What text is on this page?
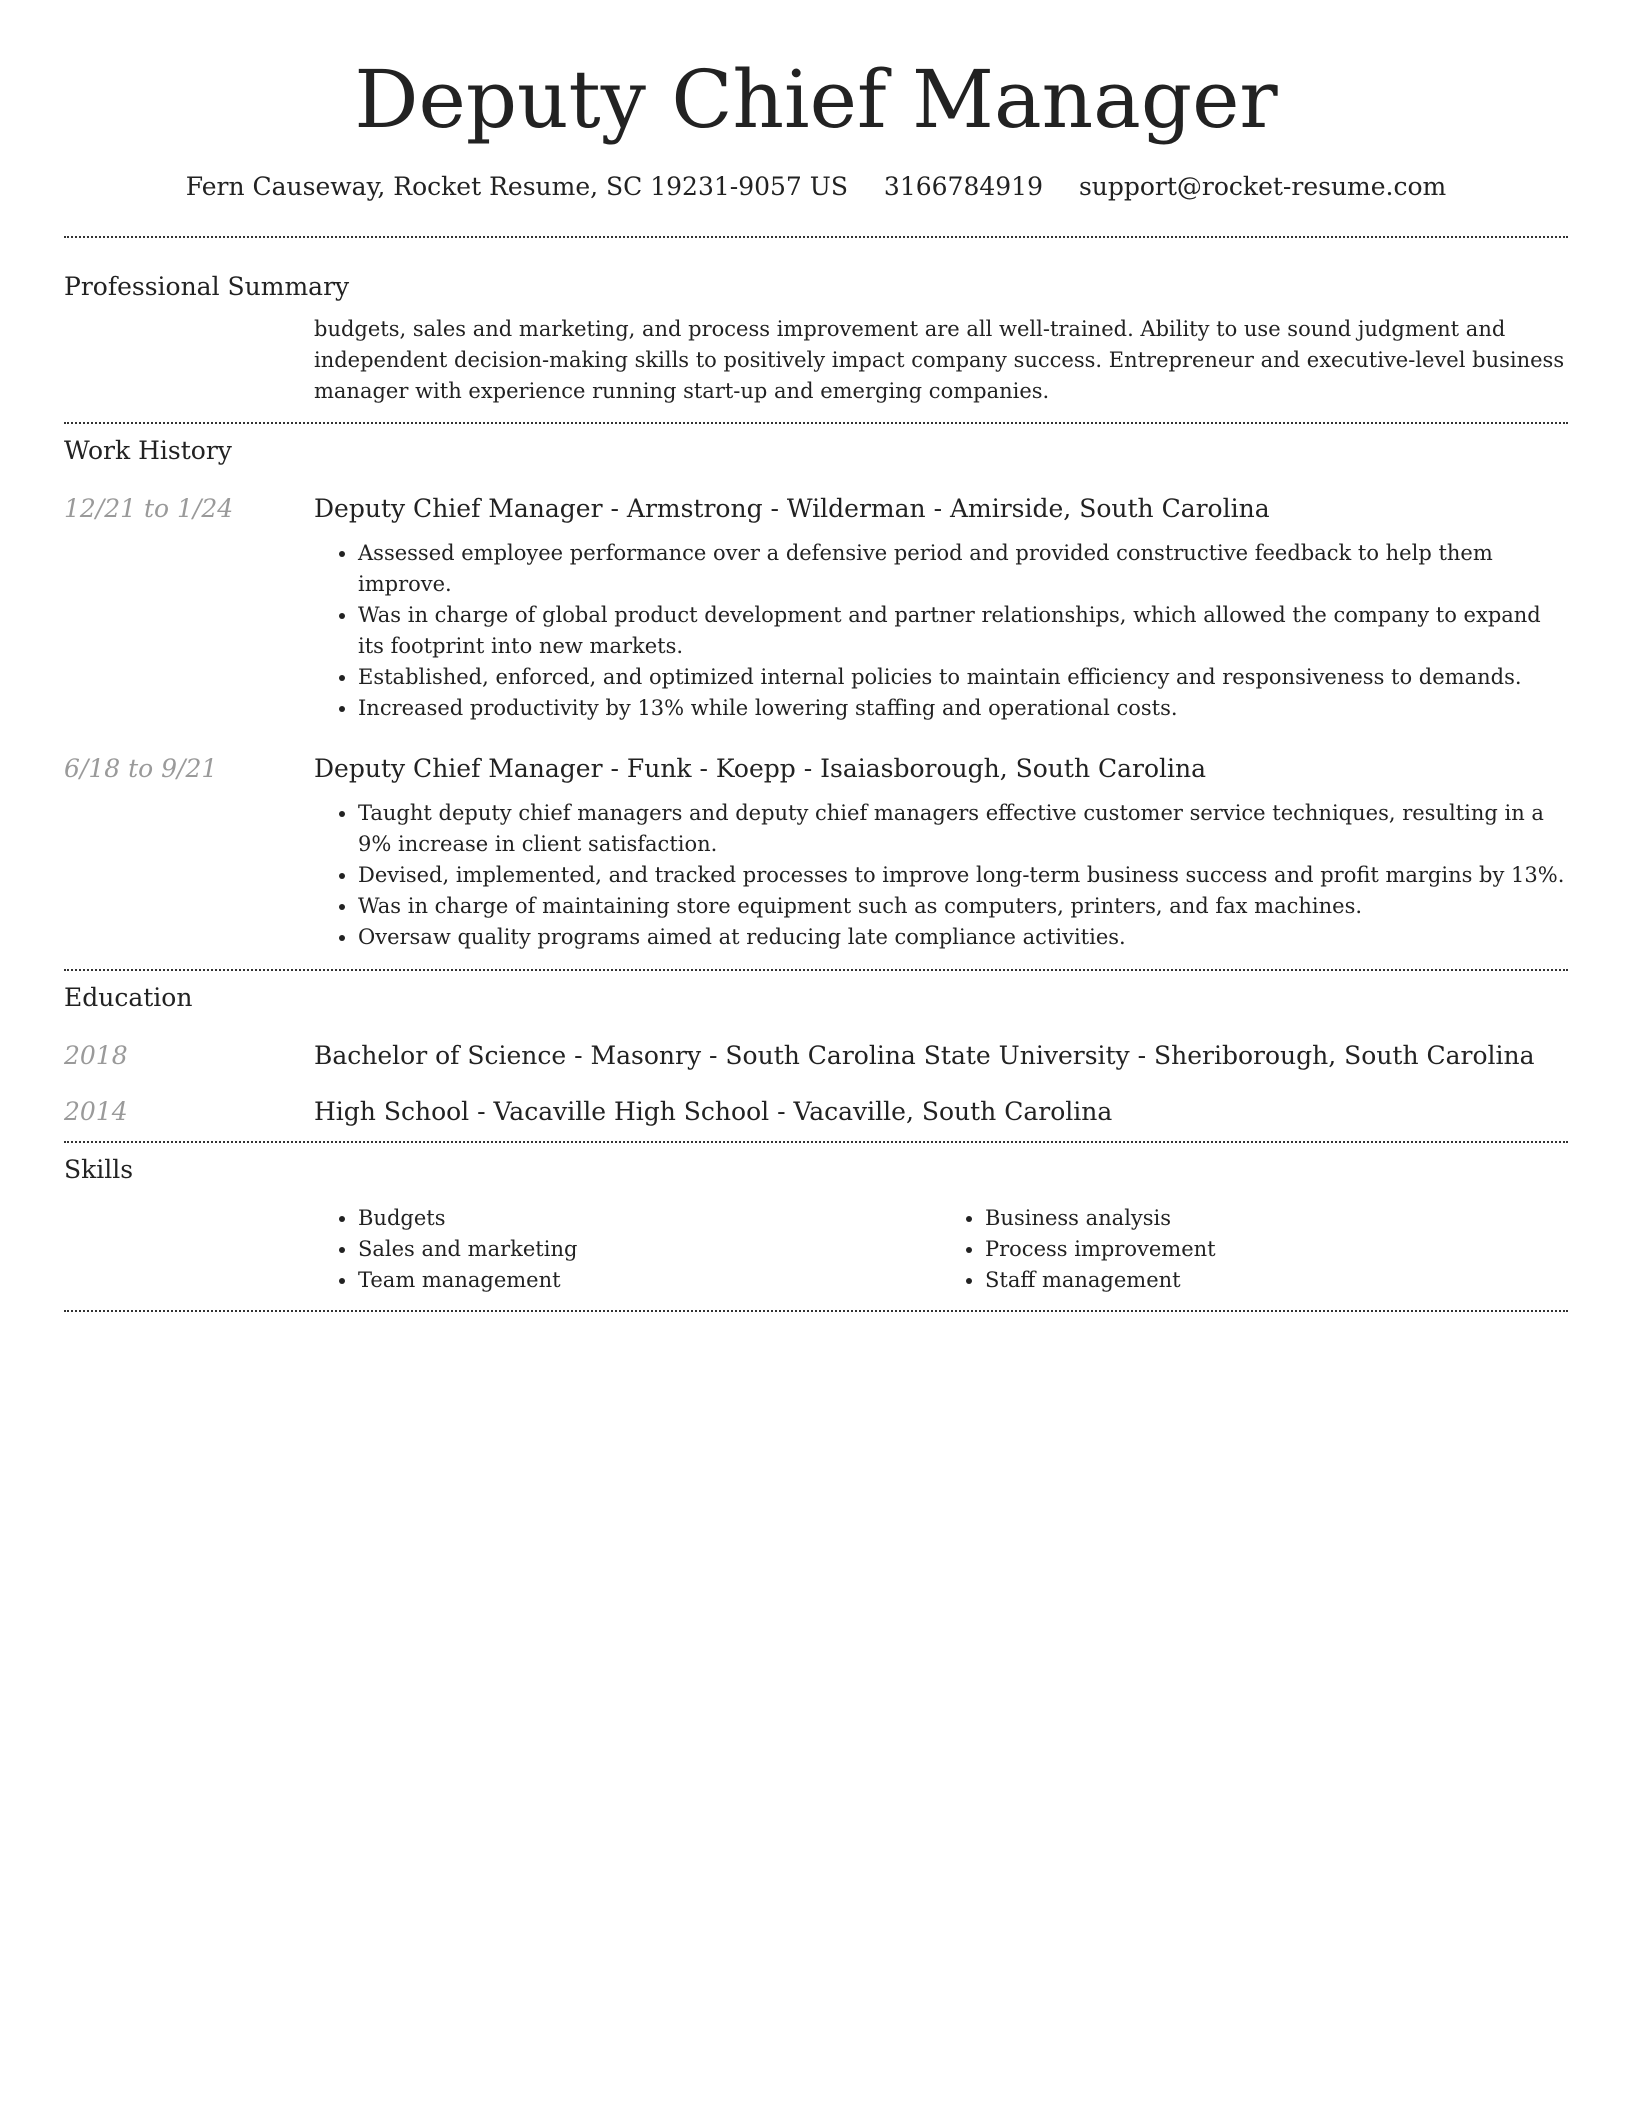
Deputy Chief Manager
Fern Causeway, Rocket Resume, SC 19231-9057 US 3166784919 support@rocket-resume.com
Professional Summary
budgets, sales and marketing, and process improvement are all well-trained. Ability to use sound judgment and independent decision-making skills to positively impact company success. Entrepreneur and executive-level business manager with experience running start-up and emerging companies.
Work History
12/21 to 1/24	Deputy Chief Manager - Armstrong - Wilderman - Amirside, South Carolina
• Assessed employee performance over a defensive period and provided constructive feedback to help them improve.
• Was in charge of global product development and partner relationships, which allowed the company to expand its footprint into new markets.
• Established, enforced, and optimized internal policies to maintain efficiency and responsiveness to demands.
• Increased productivity by 13% while lowering staffing and operational costs.
6/18 to 9/21	Deputy Chief Manager - Funk - Koepp - Isaiasborough, South Carolina
• Taught deputy chief managers and deputy chief managers effective customer service techniques, resulting in a 9% increase in client satisfaction.
• Devised, implemented, and tracked processes to improve long-term business success and profit margins by 13%.
• Was in charge of maintaining store equipment such as computers, printers, and fax machines.
• Oversaw quality programs aimed at reducing late compliance activities.
Education
2018	Bachelor of Science - Masonry - South Carolina State University - Sheriborough, South Carolina
2014	High School - Vacaville High School - Vacaville, South Carolina
Skills
• Budgets
• Sales and marketing
• Team management
• Business analysis
• Process improvement
• Staff management
